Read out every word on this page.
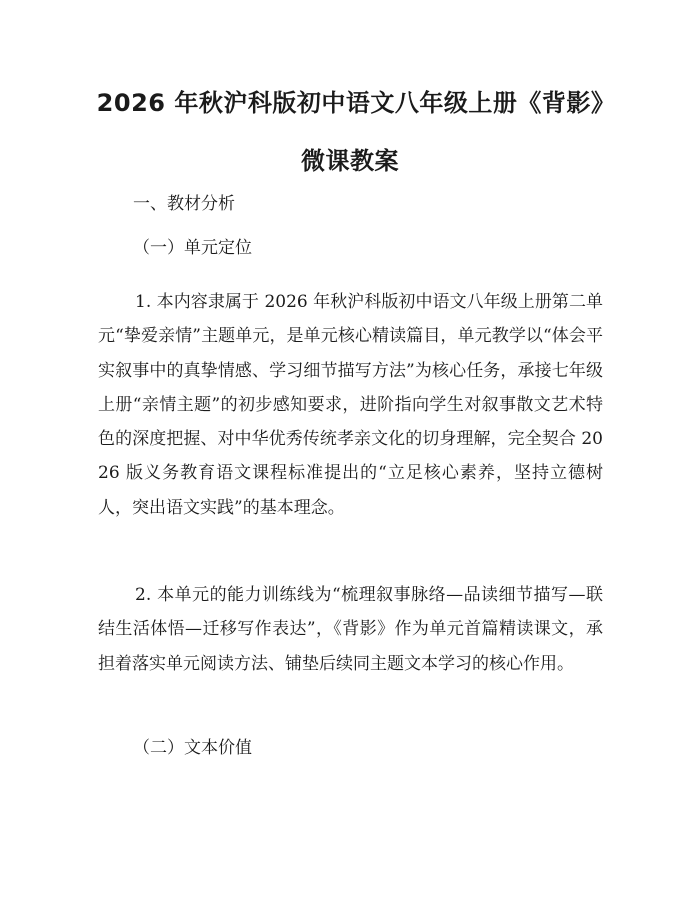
2026 年秋沪科版初中语文八年级上册《背影》微课教案
一、教材分析
（一）单元定位
1. 本内容隶属于 2026 年秋沪科版初中语文八年级上册第二单元“挚爱亲情”主题单元，是单元核心精读篇目，单元教学以“体会平实叙事中的真挚情感、学习细节描写方法”为核心任务，承接七年级上册“亲情主题”的初步感知要求，进阶指向学生对叙事散文艺术特色的深度把握、对中华优秀传统孝亲文化的切身理解，完全契合 2026 版义务教育语文课程标准提出的“立足核心素养，坚持立德树人，突出语文实践”的基本理念。
2. 本单元的能力训练线为“梳理叙事脉络—品读细节描写—联结生活体悟—迁移写作表达”，《背影》作为单元首篇精读课文，承担着落实单元阅读方法、铺垫后续同主题文本学习的核心作用。
（二）文本价值
